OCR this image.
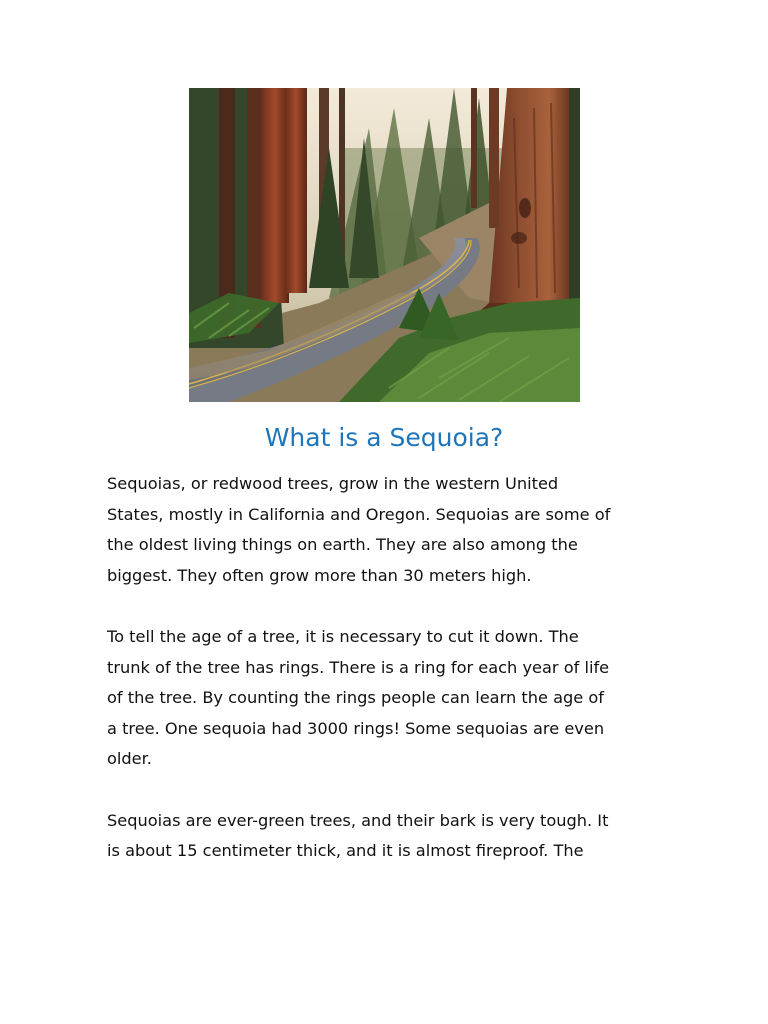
What is a Sequoia?

Sequoias, or redwood trees, grow in the western United
States, mostly in California and Oregon. Sequoias are some of
the oldest living things on earth. They are also among the
biggest. They often grow more than 30 meters high.

To tell the age of a tree, it is necessary to cut it down. The
trunk of the tree has rings. There is a ring for each year of life
of the tree. By counting the rings people can learn the age of
a tree. One sequoia had 3000 rings! Some sequoias are even
older.

Sequoias are ever-green trees, and their bark is very tough. It
is about 15 centimeter thick, and it is almost fireproof. The
